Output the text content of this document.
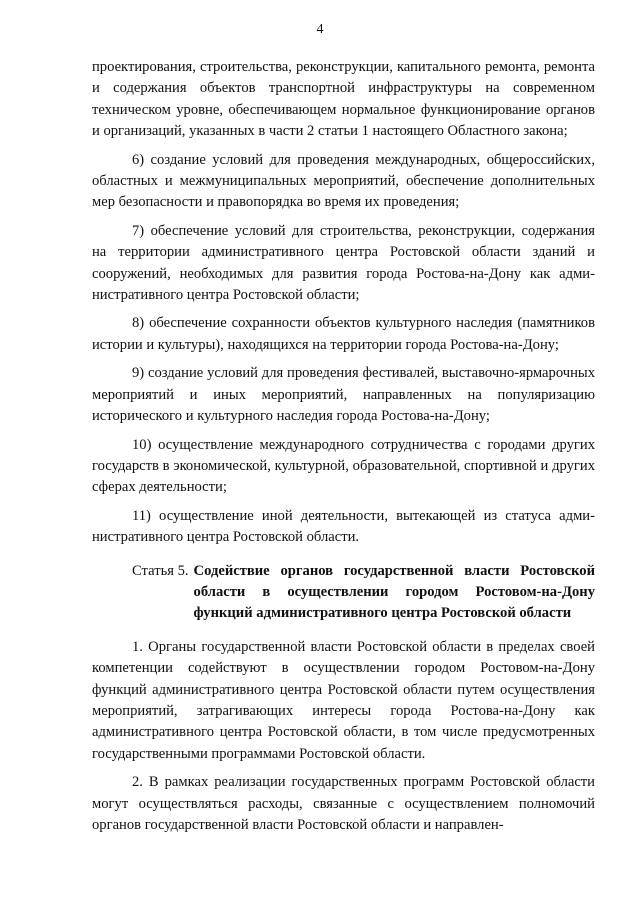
4

проектирования, строительства, реконструкции, капитального ремонта, ремонта и содержания объектов транспортной инфраструктуры на современном техническом уровне, обеспечивающем нормальное функционирование органов и организаций, указанных в части 2 статьи 1 настоящего Областного закона;

6) создание условий для проведения международных, общероссийских, областных и межмуниципальных мероприятий, обеспечение дополнительных мер безопасности и правопорядка во время их проведения;

7) обеспечение условий для строительства, реконструкции, содержания на территории административного центра Ростовской области зданий и сооружений, необходимых для развития города Ростова-на-Дону как административного центра Ростовской области;

8) обеспечение сохранности объектов культурного наследия (памятников истории и культуры), находящихся на территории города Ростова-на-Дону;

9) создание условий для проведения фестивалей, выставочно-ярмарочных мероприятий и иных мероприятий, направленных на популяризацию исторического и культурного наследия города Ростова-на-Дону;

10) осуществление международного сотрудничества с городами других государств в экономической, культурной, образовательной, спортивной и других сферах деятельности;

11) осуществление иной деятельности, вытекающей из статуса административного центра Ростовской области.

Статья 5. Содействие органов государственной власти Ростовской области в осуществлении городом Ростовом-на-Дону функций административного центра Ростовской области

1. Органы государственной власти Ростовской области в пределах своей компетенции содействуют в осуществлении городом Ростовом-на-Дону функций административного центра Ростовской области путем осуществления мероприятий, затрагивающих интересы города Ростова-на-Дону как административного центра Ростовской области, в том числе предусмотренных государственными программами Ростовской области.

2. В рамках реализации государственных программ Ростовской области могут осуществляться расходы, связанные с осуществлением полномочий органов государственной власти Ростовской области и направлен-
